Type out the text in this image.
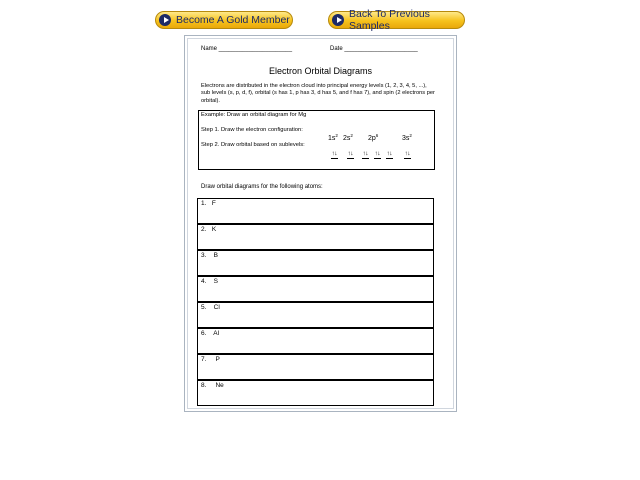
Become A Gold Member	Back To Previous Samples
Name ______________________	Date ______________________
Electron Orbital Diagrams
Electrons are distributed in the electron cloud into principal energy levels (1, 2, 3, 4, 5, ...), sub levels (s, p, d, f), orbital (s has 1, p has 3, d has 5, and f has 7), and spin (2 electrons per orbital).
Example: Draw an orbital diagram for Mg
Step 1. Draw the electron configuration:
Step 2. Draw orbital based on sublevels:
$1s^2$ $2s^2$ $2p^6$	$3s^2$
↑↓ ↑↓ ↑↓ ↑↓ ↑↓ ↑↓
Draw orbital diagrams for the following atoms:
1.   F
2.   K
3.    B
4.    S
5.    Cl
6.    Al
7.     P
8.     Ne
